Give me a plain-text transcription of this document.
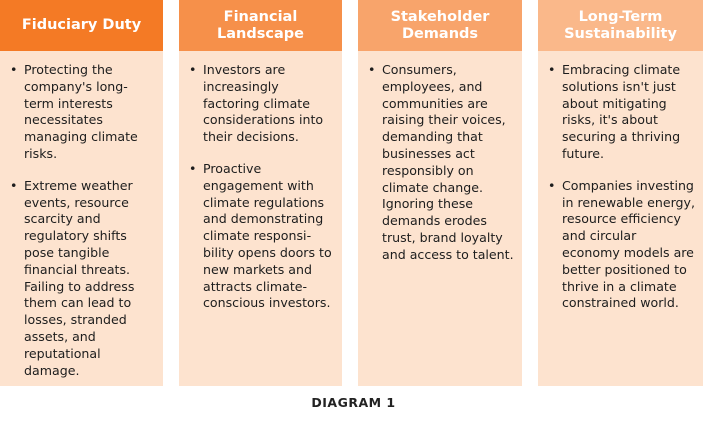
Fiduciary Duty
• Protecting the company's long-term interests necessitates managing climate risks.
• Extreme weather events, resource scarcity and regulatory shifts pose tangible financial threats. Failing to address them can lead to losses, stranded assets, and reputational damage.
Financial Landscape
• Investors are increasingly factoring climate considerations into their decisions.
• Proactive engagement with climate regulations and demonstrating climate responsibility opens doors to new markets and attracts climate-conscious investors.
Stakeholder Demands
• Consumers, employees, and communities are raising their voices, demanding that businesses act responsibly on climate change. Ignoring these demands erodes trust, brand loyalty and access to talent.
Long-Term Sustainability
• Embracing climate solutions isn't just about mitigating risks, it's about securing a thriving future.
• Companies investing in renewable energy, resource efficiency and circular economy models are better positioned to thrive in a climate constrained world.
DIAGRAM 1
